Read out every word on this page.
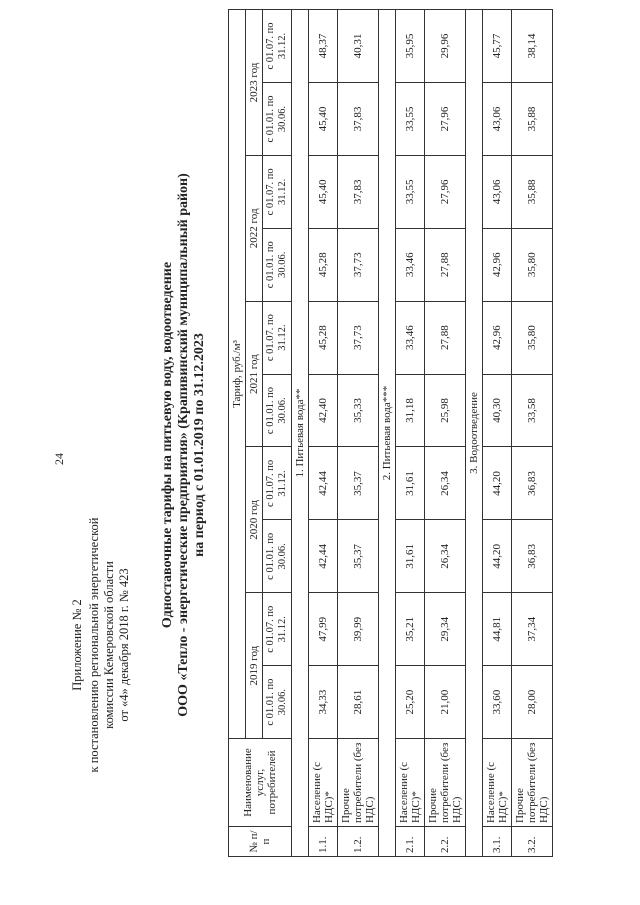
24
Приложение № 2 к постановлению региональной энергетической комиссии Кемеровской области от «4» декабря 2018 г. № 423
Одноставочные тарифы на питьевую воду, водоотведение ООО «Тепло - энергетические предприятия» (Крапивинский муниципальный район) на период с 01.01.2019 по 31.12.2023
№ п/п	Наименование услуг, потребителей	Тариф, руб./м³									
		2019 год		2020 год		2021 год		2022 год		2023 год	
		с 01.01. по 30.06.	с 01.07. по 31.12.	с 01.01. по 30.06.	с 01.07. по 31.12.	с 01.01. по 30.06.	с 01.07. по 31.12.	с 01.01. по 30.06.	с 01.07. по 31.12.	с 01.01. по 30.06.	с 01.07. по 31.12.
1. Питьевая вода**											
1.1.	Население (с НДС)*	34,33	47,99	42,44	42,44	42,40	45,28	45,28	45,40	45,40	48,37
1.2.	Прочие потребители (без НДС)	28,61	39,99	35,37	35,37	35,33	37,73	37,73	37,83	37,83	40,31
2. Питьевая вода***											
2.1.	Население (с НДС)*	25,20	35,21	31,61	31,61	31,18	33,46	33,46	33,55	33,55	35,95
2.2.	Прочие потребители (без НДС)	21,00	29,34	26,34	26,34	25,98	27,88	27,88	27,96	27,96	29,96
3. Водоотведение											
3.1.	Население (с НДС)*	33,60	44,81	44,20	44,20	40,30	42,96	42,96	43,06	43,06	45,77
3.2.	Прочие потребители (без НДС)	28,00	37,34	36,83	36,83	33,58	35,80	35,80	35,88	35,88	38,14
